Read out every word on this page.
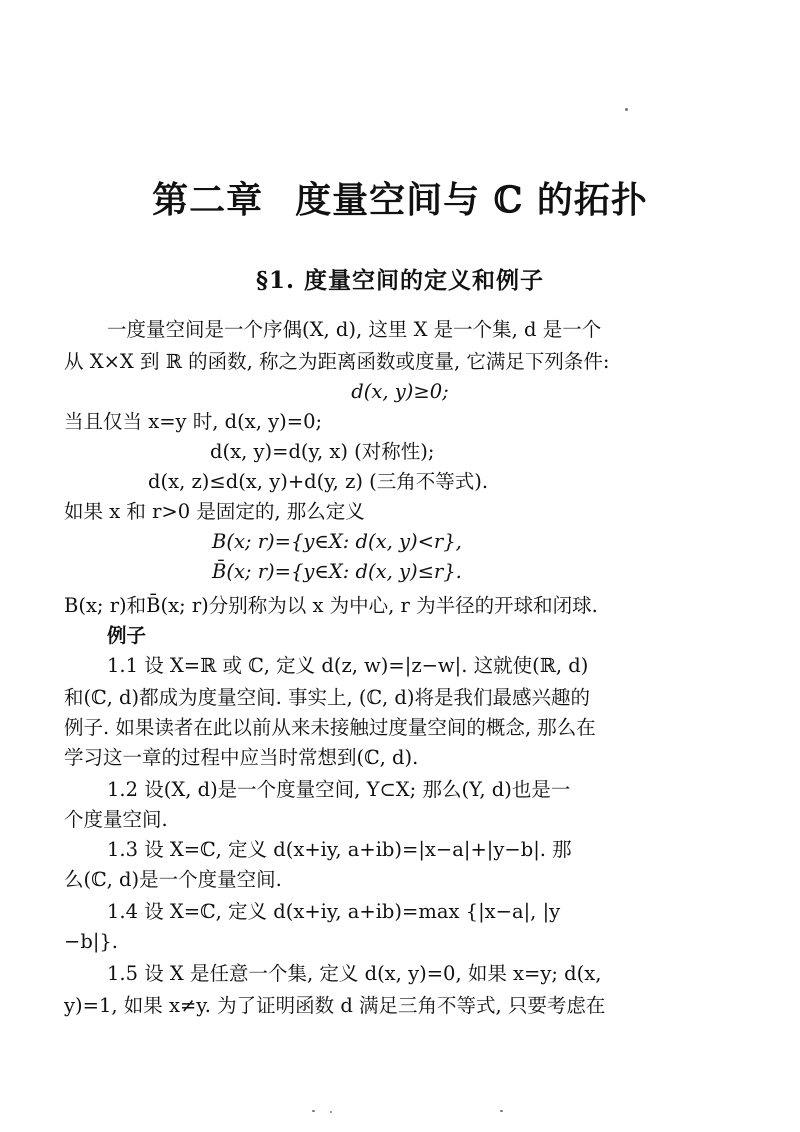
第二章 度量空间与 ℂ 的拓扑
§1. 度量空间的定义和例子
一度量空间是一个序偶(X, d), 这里 X 是一个集, d 是一个
从 X×X 到 ℝ 的函数, 称之为距离函数或度量, 它满足下列条件:
d(x, y)≥0;
当且仅当 x=y 时, d(x, y)=0;
d(x, y)=d(y, x) (对称性);
d(x, z)≤d(x, y)+d(y, z) (三角不等式).
如果 x 和 r>0 是固定的, 那么定义
B(x; r)={y∈X: d(x, y)<r},
B̄(x; r)={y∈X: d(x, y)≤r}.
B(x; r)和B̄(x; r)分别称为以 x 为中心, r 为半径的开球和闭球.
例子
1.1 设 X=ℝ 或 ℂ, 定义 d(z, w)=|z−w|. 这就使(ℝ, d)
和(ℂ, d)都成为度量空间. 事实上, (ℂ, d)将是我们最感兴趣的
例子. 如果读者在此以前从来未接触过度量空间的概念, 那么在
学习这一章的过程中应当时常想到(ℂ, d).
1.2 设(X, d)是一个度量空间, Y⊂X; 那么(Y, d)也是一
个度量空间.
1.3 设 X=ℂ, 定义 d(x+iy, a+ib)=|x−a|+|y−b|. 那
么(ℂ, d)是一个度量空间.
1.4 设 X=ℂ, 定义 d(x+iy, a+ib)=max {|x−a|, |y
−b|}.
1.5 设 X 是任意一个集, 定义 d(x, y)=0, 如果 x=y; d(x,
y)=1, 如果 x≠y. 为了证明函数 d 满足三角不等式, 只要考虑在
